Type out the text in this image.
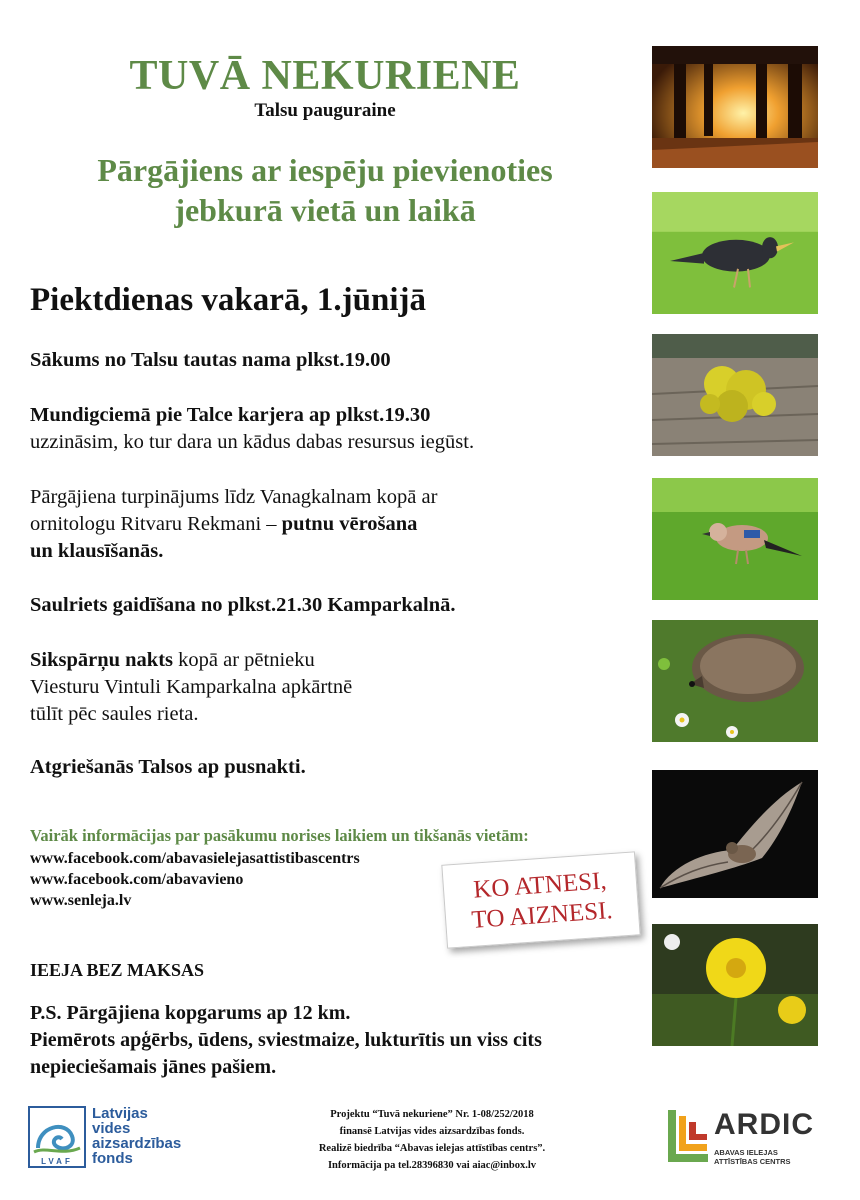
TUVĀ NEKURIENE
Talsu pauguraine
Pārgājiens ar iespēju pievienoties
jebkurā vietā un laikā
Piektdienas vakarā, 1.jūnijā
Sākums no Talsu tautas nama plkst.19.00
Mundigciemā pie Talce karjera ap plkst.19.30
uzzināsim, ko tur dara un kādus dabas resursus iegūst.
Pārgājiena turpinājums līdz Vanagkalnam kopā ar
ornitologu Ritvaru Rekmani – putnu vērošana
un klausīšanās.
Saulriets gaidīšana no plkst.21.30 Kamparkalnā.
Sikspārņu nakts kopā ar pētnieku
Viesturu Vintuli Kamparkalna apkārtnē
tūlīt pēc saules rieta.
Atgriešanās Talsos ap pusnakti.
Vairāk informācijas par pasākumu norises laikiem un tikšanās vietām:
www.facebook.com/abavasielejasattistibascentrs
www.facebook.com/abavavieno
www.senleja.lv	KO ATNESI,
TO AIZNESI.
IEEJA BEZ MAKSAS
P.S. Pārgājiena kopgarums ap 12 km.
Piemērots apģērbs, ūdens, sviestmaize, lukturītis un viss cits
nepieciešamais jānes pašiem.
LVAF
Latvijas
vides
aizsardzības
fonds
Projektu “Tuvā nekuriene” Nr. 1-08/252/2018
finansē Latvijas vides aizsardzības fonds.
Realizē biedrība “Abavas ielejas attīstības centrs”.
Informācija pa tel.28396830 vai aiac@inbox.lv
ARDIC
ABAVAS IELEJAS
ATTĪSTĪBAS CENTRS
